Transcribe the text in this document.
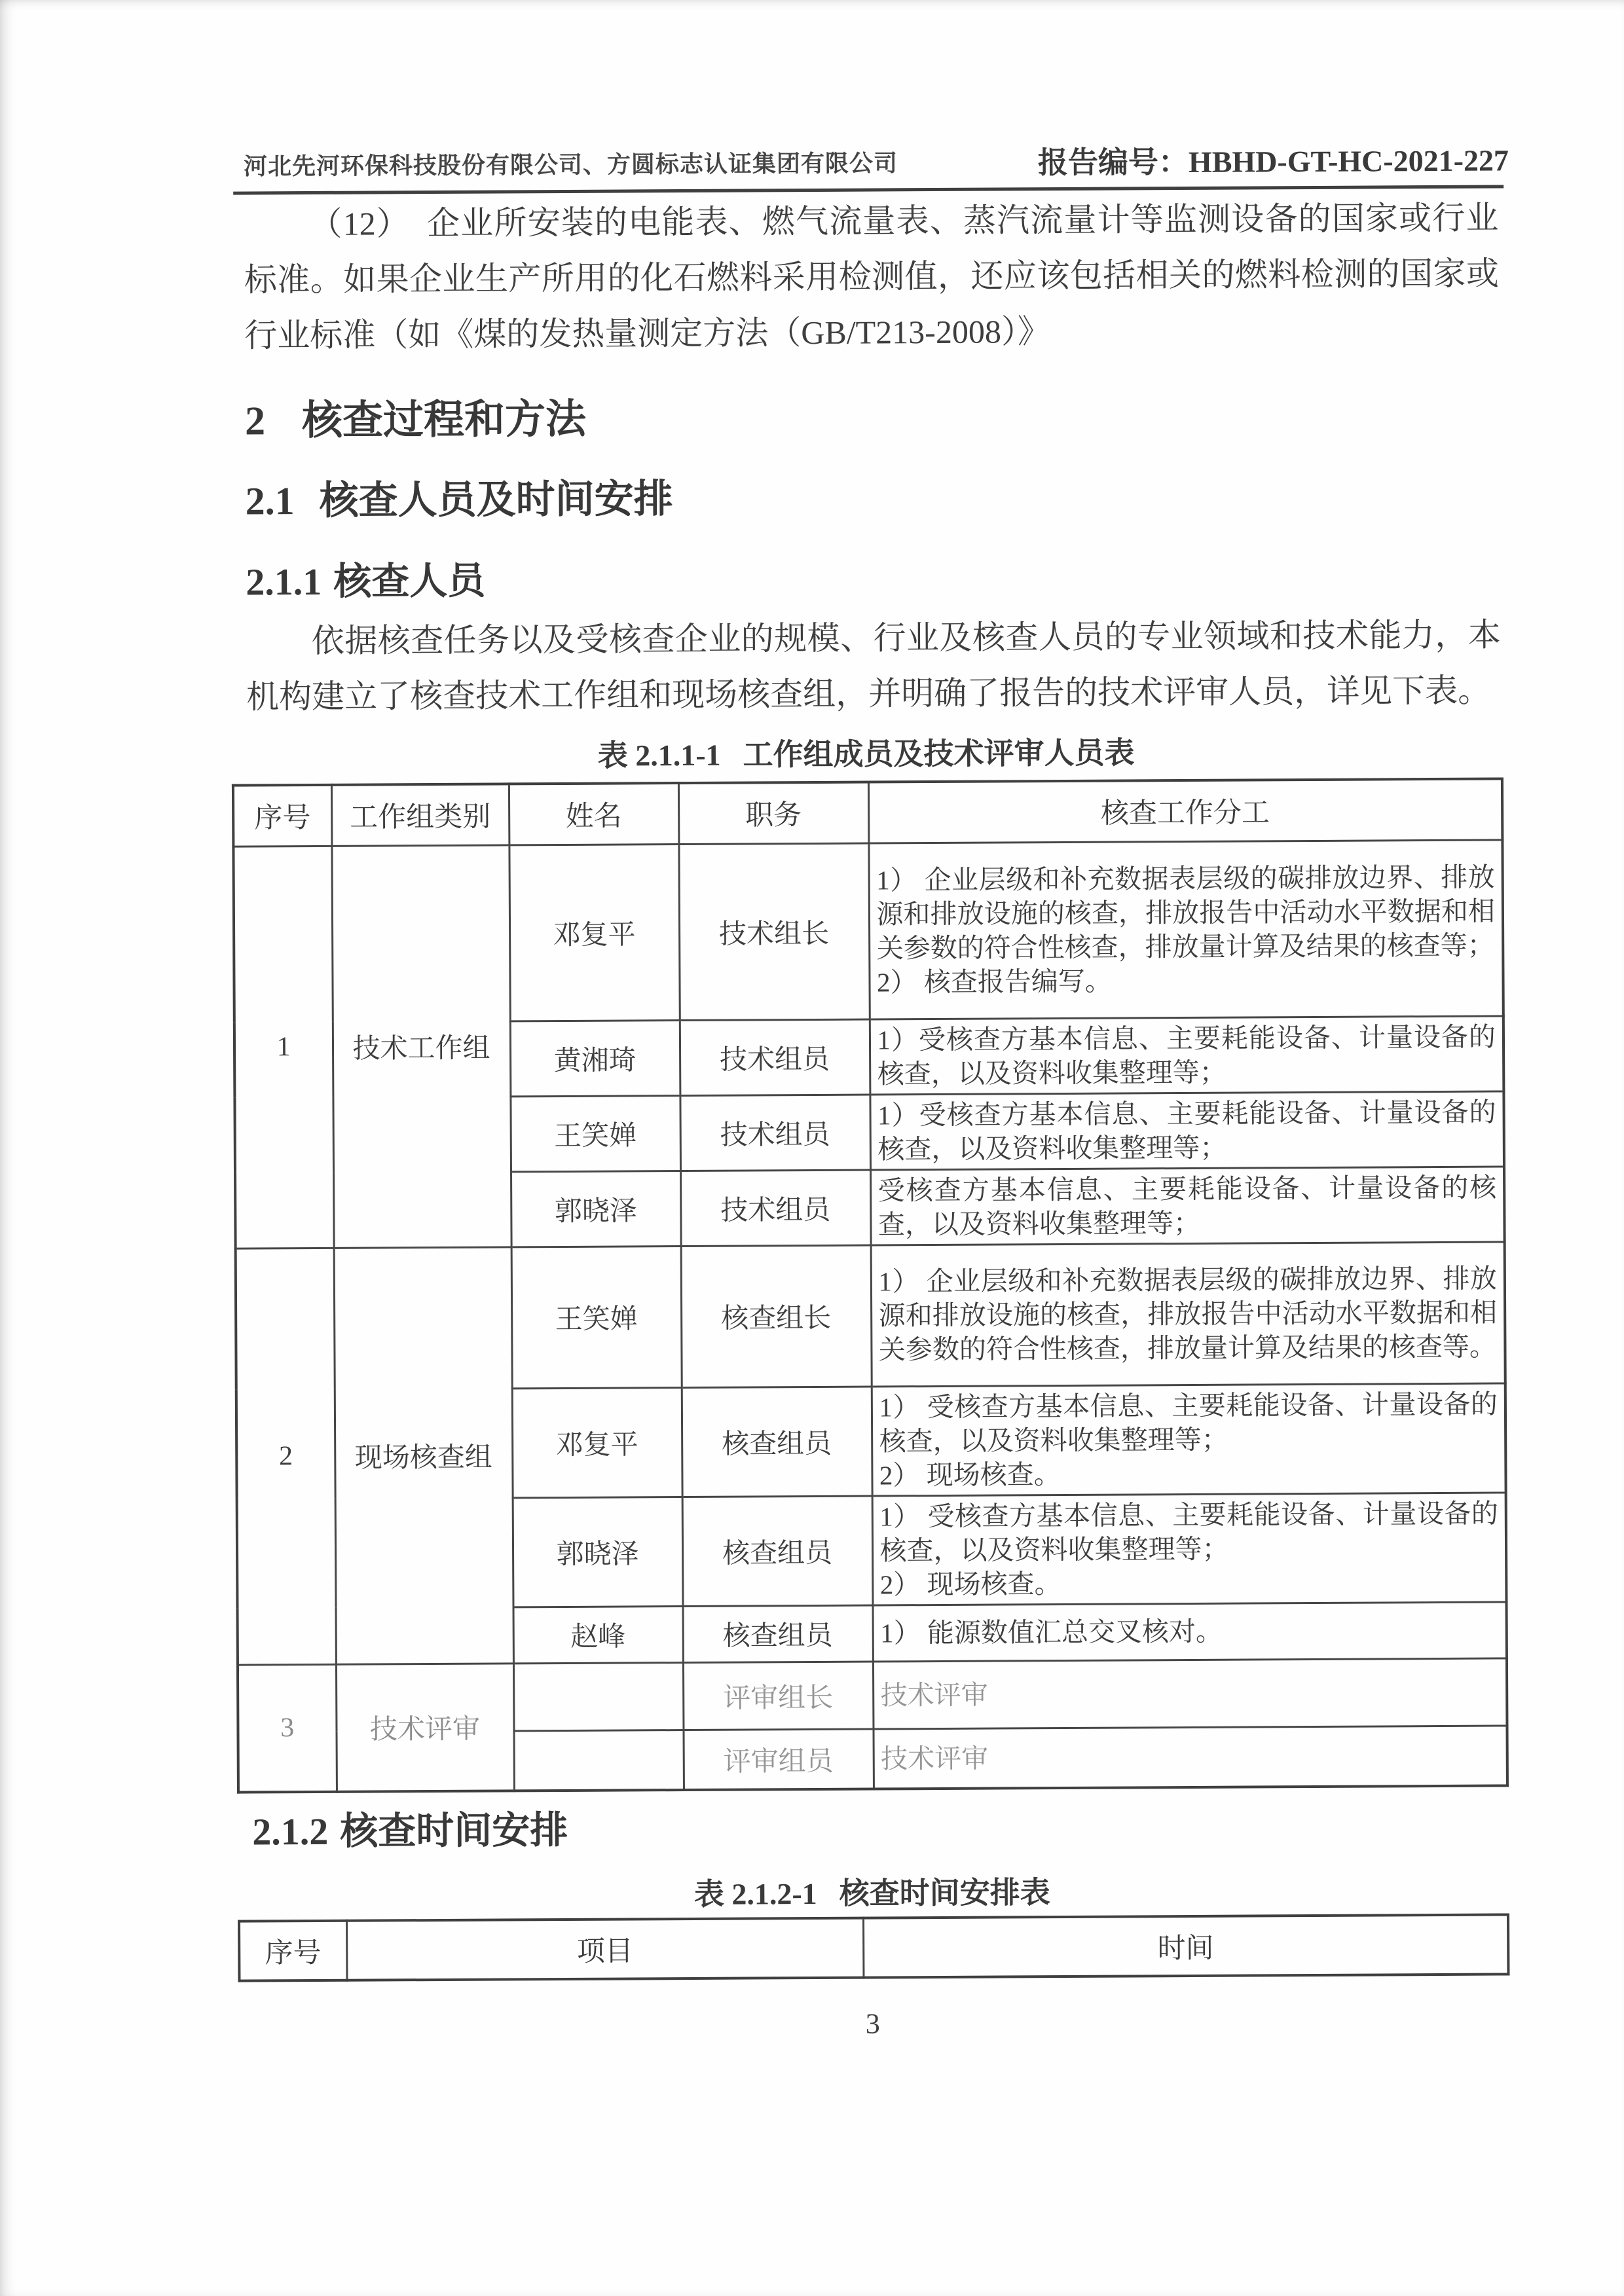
河北先河环保科技股份有限公司、方圆标志认证集团有限公司	报告编号：HBHD-GT-HC-2021-227
（12）　企业所安装的电能表、燃气流量表、蒸汽流量计等监测设备的国家或行业标准。如果企业生产所用的化石燃料采用检测值，还应该包括相关的燃料检测的国家或行业标准（如《煤的发热量测定方法（GB/T213-2008）》
2 核查过程和方法
2.1 核查人员及时间安排
2.1.1 核查人员
依据核查任务以及受核查企业的规模、行业及核查人员的专业领域和技术能力，本机构建立了核查技术工作组和现场核查组，并明确了报告的技术评审人员，详见下表。
表 2.1.1-1 工作组成员及技术评审人员表
序号	工作组类别	姓名	职务	核查工作分工
1	技术工作组	邓复平	技术组长	1） 企业层级和补充数据表层级的碳排放边界、排放源和排放设施的核查，排放报告中活动水平数据和相关参数的符合性核查，排放量计算及结果的核查等；
2） 核查报告编写。
		黄湘琦	技术组员	1）受核查方基本信息、主要耗能设备、计量设备的核查，以及资料收集整理等；
		王笑婵	技术组员	1）受核查方基本信息、主要耗能设备、计量设备的核查，以及资料收集整理等；
		郭晓泽	技术组员	受核查方基本信息、主要耗能设备、计量设备的核查，以及资料收集整理等；
2	现场核查组	王笑婵	核查组长	1） 企业层级和补充数据表层级的碳排放边界、排放源和排放设施的核查，排放报告中活动水平数据和相关参数的符合性核查，排放量计算及结果的核查等。
		邓复平	核查组员	1） 受核查方基本信息、主要耗能设备、计量设备的核查，以及资料收集整理等；
2） 现场核查。
		郭晓泽	核查组员	1） 受核查方基本信息、主要耗能设备、计量设备的核查，以及资料收集整理等；
2） 现场核查。
		赵峰	核查组员	1） 能源数值汇总交叉核对。
3	技术评审		评审组长	技术评审
			评审组员	技术评审
2.1.2 核查时间安排
表 2.1.2-1 核查时间安排表
序号	项目	时间
3
